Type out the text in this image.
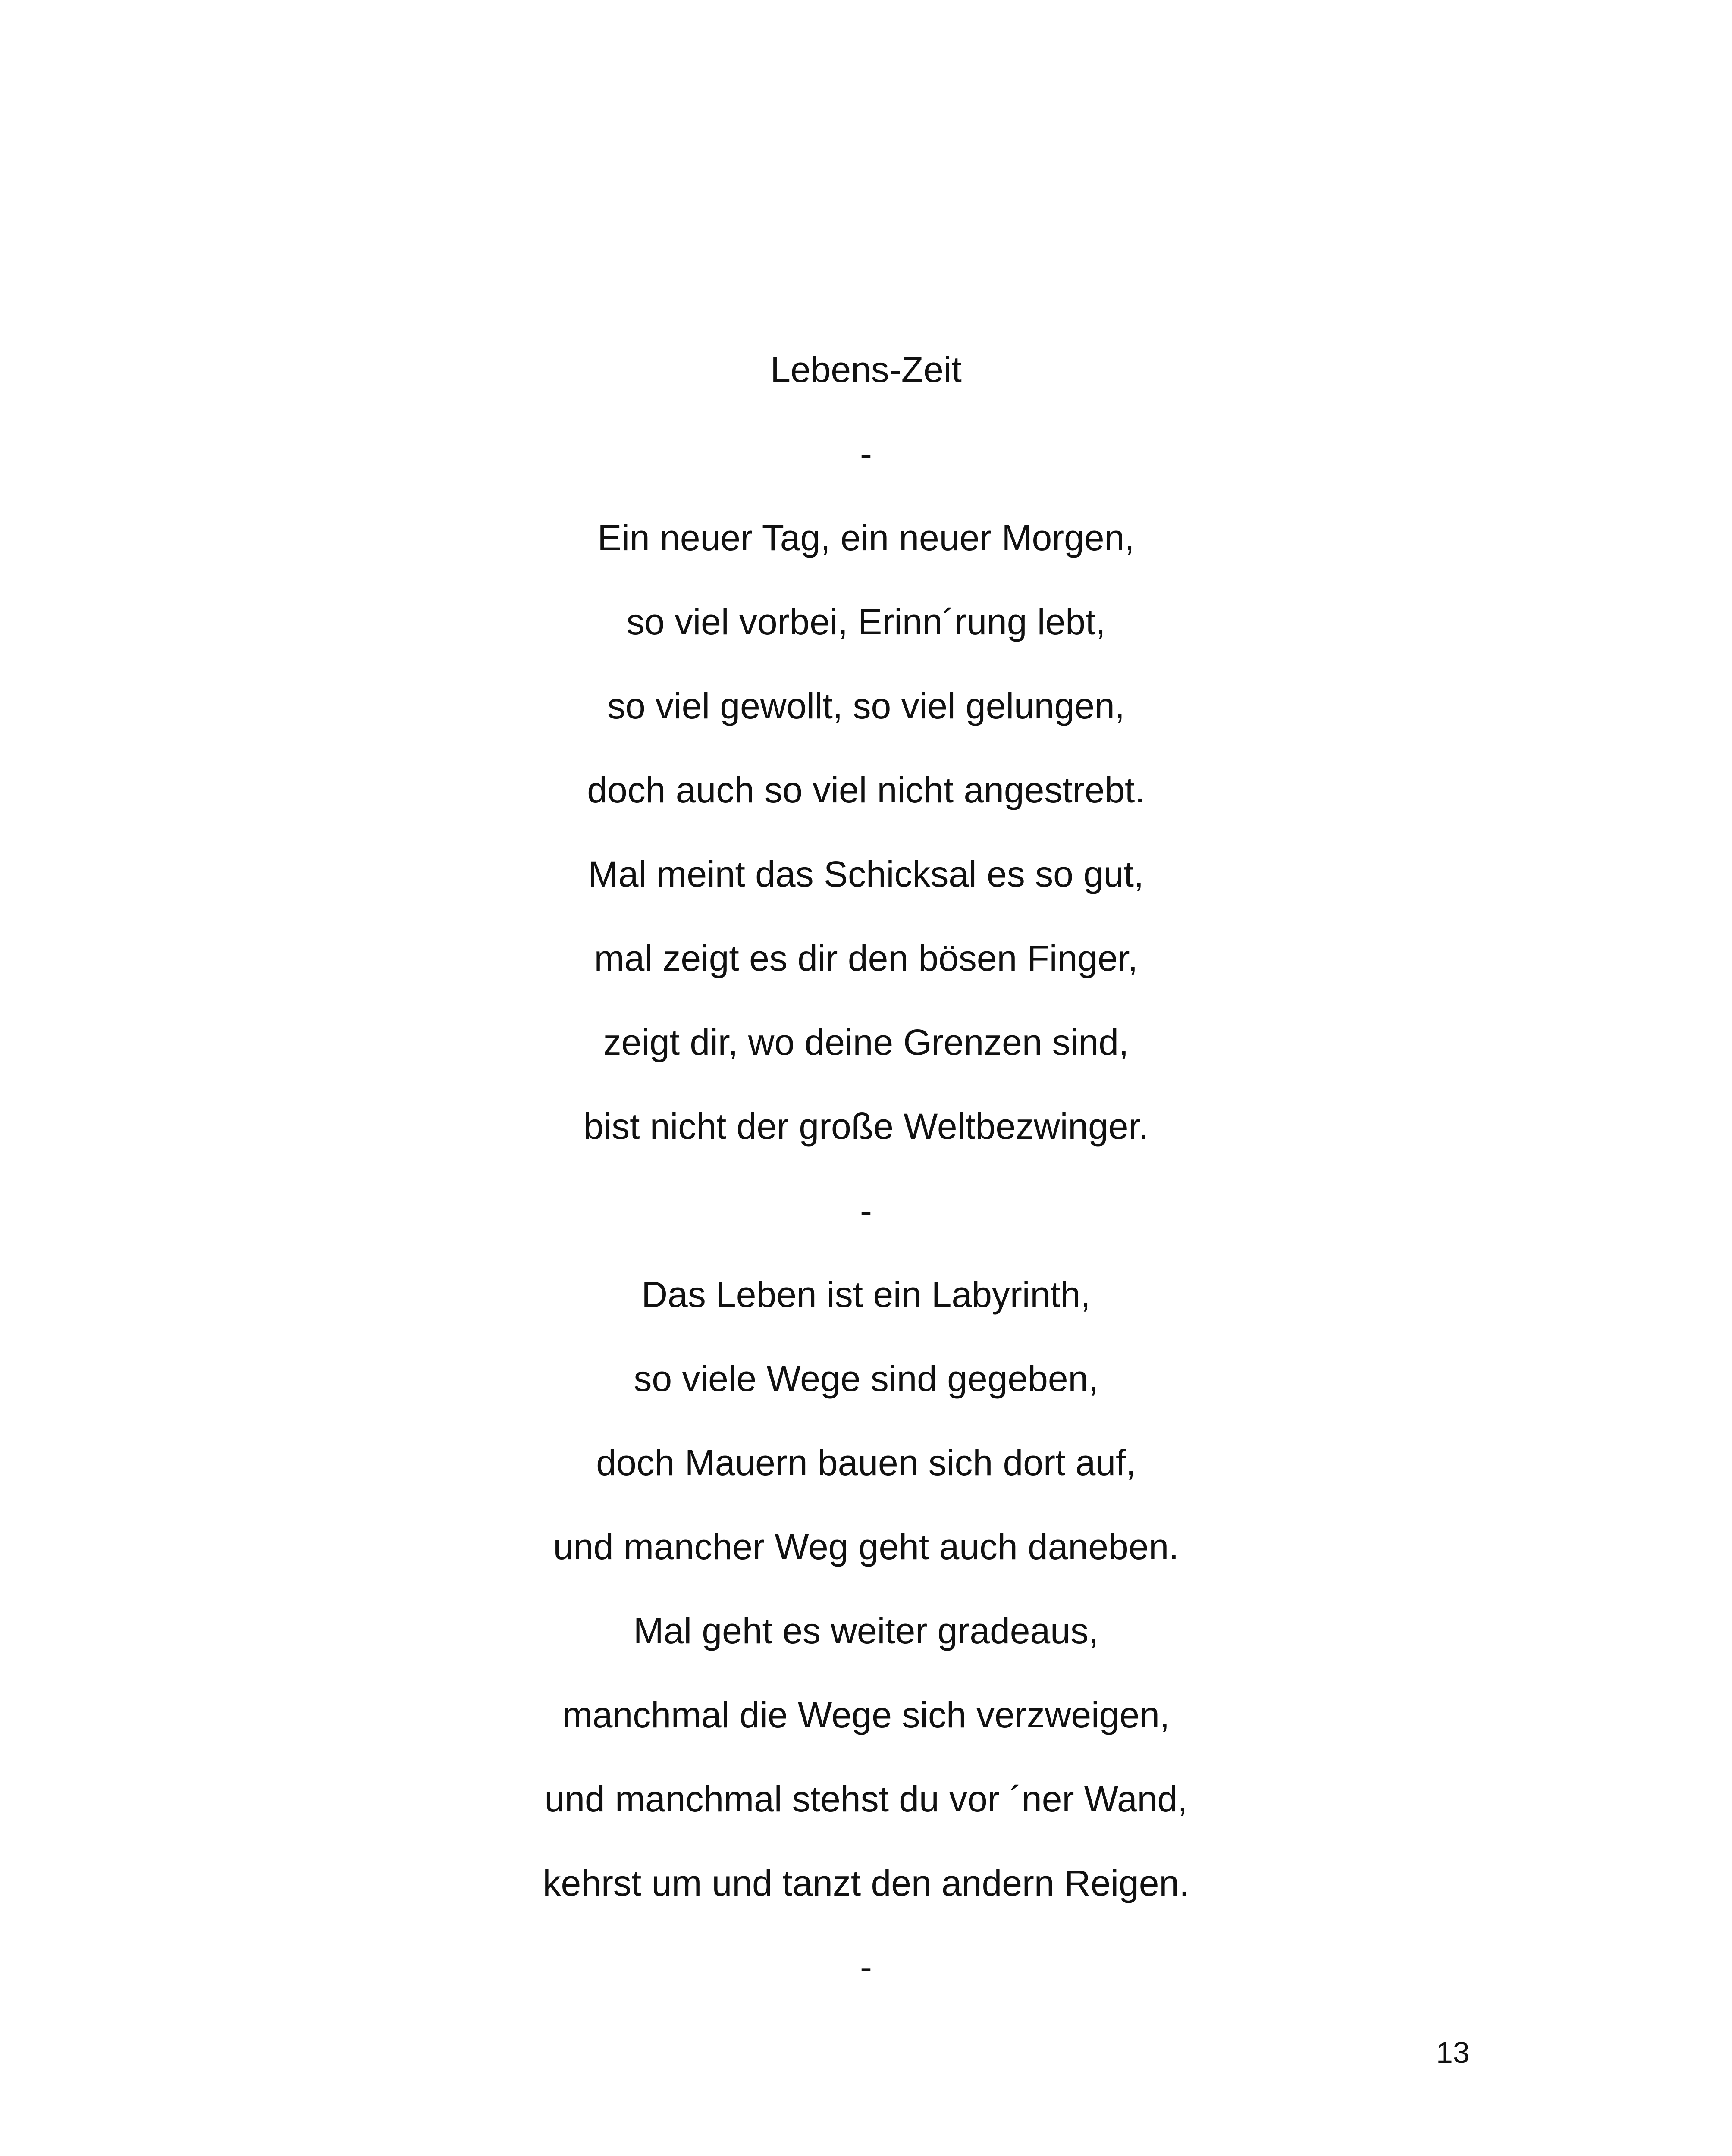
Lebens-Zeit
-
Ein neuer Tag, ein neuer Morgen,
so viel vorbei, Erinn´rung lebt,
so viel gewollt, so viel gelungen,
doch auch so viel nicht angestrebt.
Mal meint das Schicksal es so gut,
mal zeigt es dir den bösen Finger,
zeigt dir, wo deine Grenzen sind,
bist nicht der große Weltbezwinger.
-
Das Leben ist ein Labyrinth,
so viele Wege sind gegeben,
doch Mauern bauen sich dort auf,
und mancher Weg geht auch daneben.
Mal geht es weiter gradeaus,
manchmal die Wege sich verzweigen,
und manchmal stehst du vor ´ner Wand,
kehrst um und tanzt den andern Reigen.
-
13
